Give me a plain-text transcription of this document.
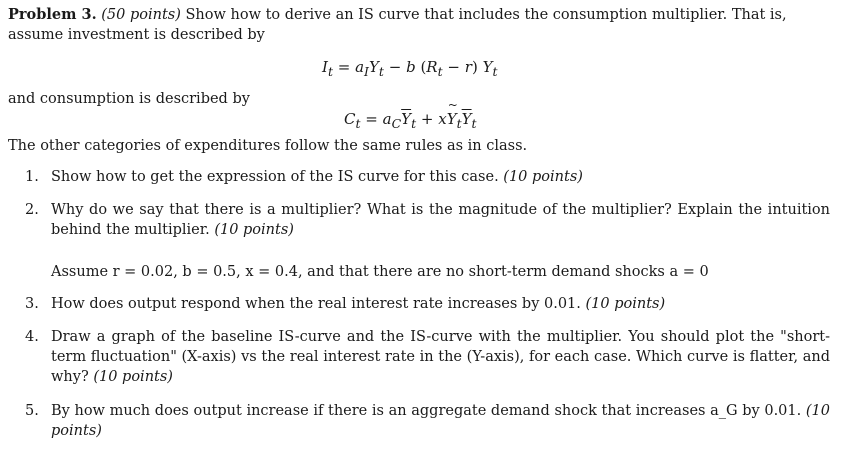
Problem 3. (50 points) Show how to derive an IS curve that includes the consumption multiplier. That is, assume investment is described by
$I_t = a_IY_t - b$ $(R_t - r)$ $Y_t$
and consumption is described by
$C_t = a_C\overline{Y}_t$ + x~ $Y_t\overline{Y}_t$
The other categories of expenditures follow the same rules as in class.
1. Show how to get the expression of the IS curve for this case. (10 points)
2. Why do we say that there is a multiplier? What is the magnitude of the multiplier? Explain the intuition behind the multiplier. (10 points)
Assume r = 0.02, b = 0.5, x = 0.4, and that there are no short-term demand shocks a = 0
3. How does output respond when the real interest rate increases by 0.01. (10 points)
4. Draw a graph of the baseline IS-curve and the IS-curve with the multiplier. You should plot the "short-term fluctuation" (X-axis) vs the real interest rate in the (Y-axis), for each case. Which curve is flatter, and why? (10 points)
5. By how much does output increase if there is an aggregate demand shock that increases a_G by 0.01. (10 points)
